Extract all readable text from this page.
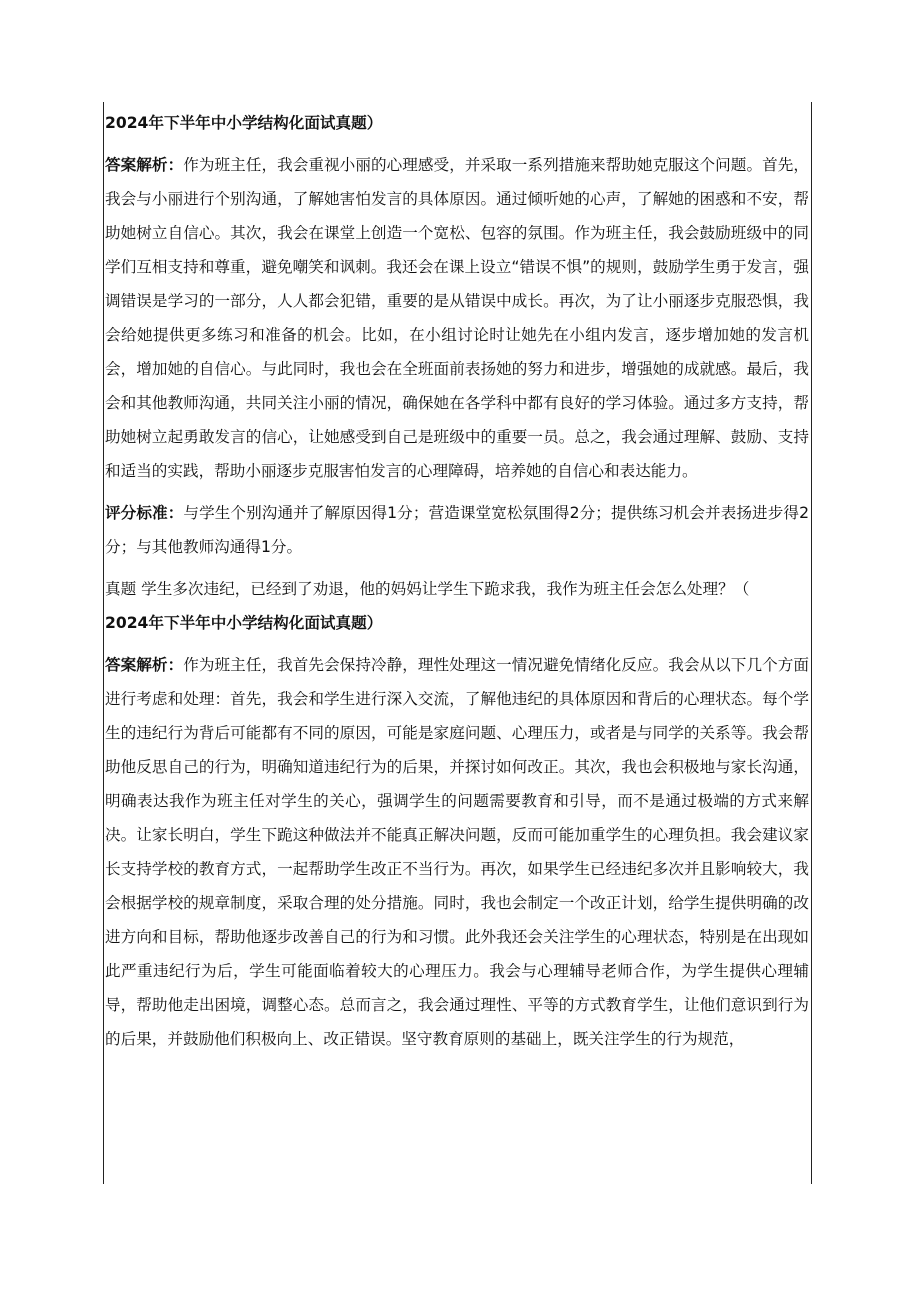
2024年下半年中小学结构化面试真题）

答案解析：作为班主任，我会重视小丽的心理感受，并采取一系列措施来帮助她克服这个问题。首先，我会与小丽进行个别沟通，了解她害怕发言的具体原因。通过倾听她的心声，了解她的困惑和不安，帮助她树立自信心。其次，我会在课堂上创造一个宽松、包容的氛围。作为班主任，我会鼓励班级中的同学们互相支持和尊重，避免嘲笑和讽刺。我还会在课上设立“错误不惧”的规则，鼓励学生勇于发言，强调错误是学习的一部分，人人都会犯错，重要的是从错误中成长。再次，为了让小丽逐步克服恐惧，我会给她提供更多练习和准备的机会。比如，在小组讨论时让她先在小组内发言，逐步增加她的发言机会，增加她的自信心。与此同时，我也会在全班面前表扬她的努力和进步，增强她的成就感。最后，我会和其他教师沟通，共同关注小丽的情况，确保她在各学科中都有良好的学习体验。通过多方支持，帮助她树立起勇敢发言的信心，让她感受到自己是班级中的重要一员。总之，我会通过理解、鼓励、支持和适当的实践，帮助小丽逐步克服害怕发言的心理障碍，培养她的自信心和表达能力。

评分标准：与学生个别沟通并了解原因得1分；营造课堂宽松氛围得2分；提供练习机会并表扬进步得2分；与其他教师沟通得1分。

真题 学生多次违纪，已经到了劝退，他的妈妈让学生下跪求我，我作为班主任会怎么处理？（
2024年下半年中小学结构化面试真题）

答案解析：作为班主任，我首先会保持冷静，理性处理这一情况避免情绪化反应。我会从以下几个方面进行考虑和处理：首先，我会和学生进行深入交流，了解他违纪的具体原因和背后的心理状态。每个学生的违纪行为背后可能都有不同的原因，可能是家庭问题、心理压力，或者是与同学的关系等。我会帮助他反思自己的行为，明确知道违纪行为的后果，并探讨如何改正。其次，我也会积极地与家长沟通，明确表达我作为班主任对学生的关心，强调学生的问题需要教育和引导，而不是通过极端的方式来解决。让家长明白，学生下跪这种做法并不能真正解决问题，反而可能加重学生的心理负担。我会建议家长支持学校的教育方式，一起帮助学生改正不当行为。再次，如果学生已经违纪多次并且影响较大，我会根据学校的规章制度，采取合理的处分措施。同时，我也会制定一个改正计划，给学生提供明确的改进方向和目标，帮助他逐步改善自己的行为和习惯。此外我还会关注学生的心理状态，特别是在出现如此严重违纪行为后，学生可能面临着较大的心理压力。我会与心理辅导老师合作，为学生提供心理辅导，帮助他走出困境，调整心态。总而言之，我会通过理性、平等的方式教育学生，让他们意识到行为的后果，并鼓励他们积极向上、改正错误。坚守教育原则的基础上，既关注学生的行为规范，
